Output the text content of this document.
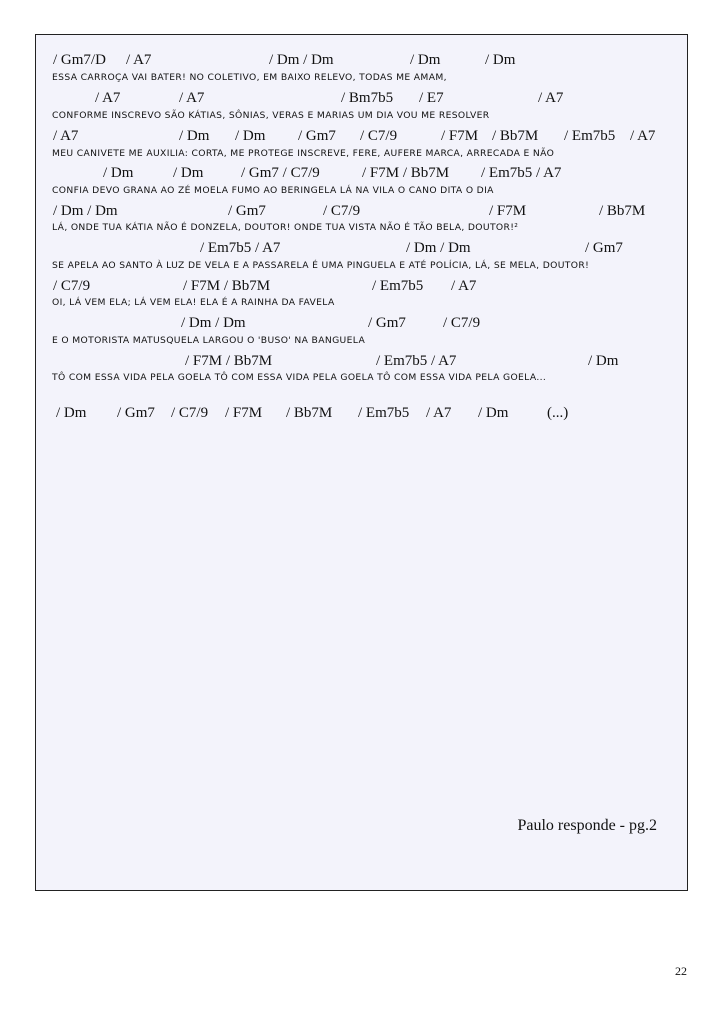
/ Gm7/D / A7	/ Dm / Dm	/ Dm	/ Dm
ESSA CARROÇA VAI BATER! NO COLETIVO, EM BAIXO RELEVO, TODAS ME AMAM,
/ A7	/ A7	/ Bm7b5 / E7	/ A7
CONFORME INSCREVO SÃO KÁTIAS, SÔNIAS, VERAS E MARIAS UM DIA VOU ME RESOLVER
/ A7	/ Dm / Dm / Gm7 / C7/9	/ F7M / Bb7M / Em7b5 / A7
MEU CANIVETE ME AUXILIA: CORTA, ME PROTEGE INSCREVE, FERE, AUFERE MARCA, ARRECADA E NÃO
/ Dm	/ Dm	/ Gm7 / C7/9	/ F7M / Bb7M / Em7b5 / A7
CONFIA DEVO GRANA AO ZÉ MOELA FUMO AO BERINGELA LÁ NA VILA O CANO DITA O DIA
/ Dm / Dm	/ Gm7	/ C7/9	/ F7M	/ Bb7M
LÁ, ONDE TUA KÁTIA NÃO É DONZELA, DOUTOR! ONDE TUA VISTA NÃO É TÃO BELA, DOUTOR!²
/ Em7b5 / A7	/ Dm / Dm	/ Gm7
SE APELA AO SANTO À LUZ DE VELA E A PASSARELA É UMA PINGUELA E ATÉ POLÍCIA, LÁ, SE MELA, DOUTOR!
/ C7/9	/ F7M / Bb7M	/ Em7b5 / A7
OI, LÁ VEM ELA; LÁ VEM ELA! ELA É A RAINHA DA FAVELA
/ Dm / Dm	/ Gm7 / C7/9
E O MOTORISTA MATUSQUELA LARGOU O 'BUSO' NA BANGUELA
/ F7M / Bb7M	/ Em7b5 / A7	/ Dm
TÔ COM ESSA VIDA PELA GOELA TÔ COM ESSA VIDA PELA GOELA TÔ COM ESSA VIDA PELA GOELA...
/ Dm / Gm7 / C7/9 / F7M / Bb7M / Em7b5 / A7 / Dm	(...)
Paulo responde - pg.2
22
